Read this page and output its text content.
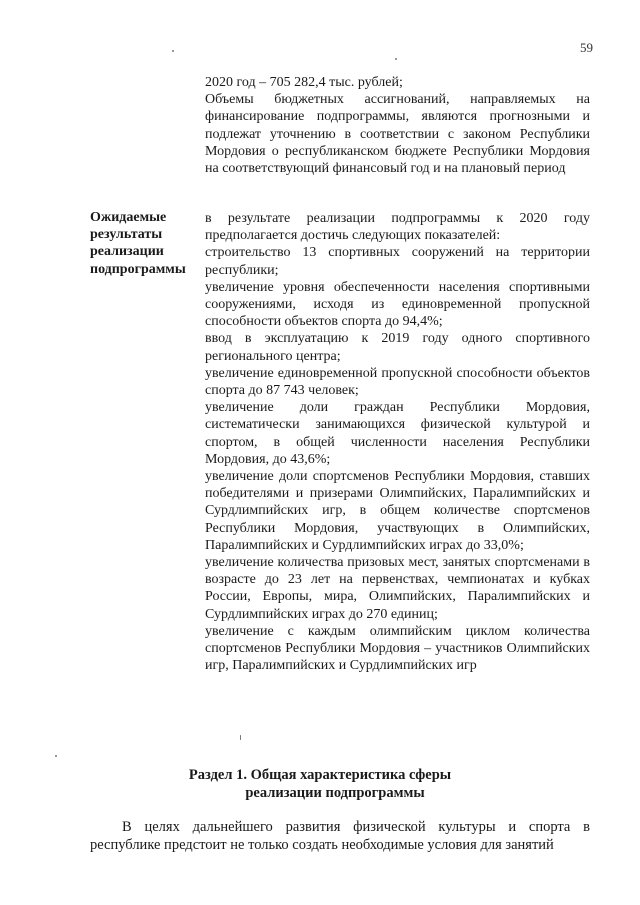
59

2020 год – 705 282,4 тыс. рублей;

Объемы бюджетных ассигнований, направляемых на финансирование подпрограммы, являются прогнозными и подлежат уточнению в соответствии с законом Республики Мордовия о республиканском бюджете Республики Мордовия на соответствующий финансовый год и на плановый период

Ожидаемые
результаты
реализации
подпрограммы

в результате реализации подпрограммы к 2020 году предполагается достичь следующих показателей:

строительство 13 спортивных сооружений на территории республики;

увеличение уровня обеспеченности населения спортивными сооружениями, исходя из единовременной пропускной способности объектов спорта до 94,4%;

ввод в эксплуатацию к 2019 году одного спортивного регионального центра;

увеличение единовременной пропускной способности объектов спорта до 87 743 человек;

увеличение доли граждан Республики Мордовия, систематически занимающихся физической культурой и спортом, в общей численности населения Республики Мордовия, до 43,6%;

увеличение доли спортсменов Республики Мордовия, ставших победителями и призерами Олимпийских, Паралимпийских и Сурдлимпийских игр, в общем количестве спортсменов Республики Мордовия, участвующих в Олимпийских, Паралимпийских и Сурдлимпийских играх до 33,0%;

увеличение количества призовых мест, занятых спортсменами в возрасте до 23 лет на первенствах, чемпионатах и кубках России, Европы, мира, Олимпийских, Паралимпийских и Сурдлимпийских играх до 270 единиц;

увеличение с каждым олимпийским циклом количества спортсменов Республики Мордовия – участников Олимпийских игр, Паралимпийских и Сурдлимпийских игр

Раздел 1. Общая характеристика сферы
реализации подпрограммы

В целях дальнейшего развития физической культуры и спорта в республике предстоит не только создать необходимые условия для занятий
